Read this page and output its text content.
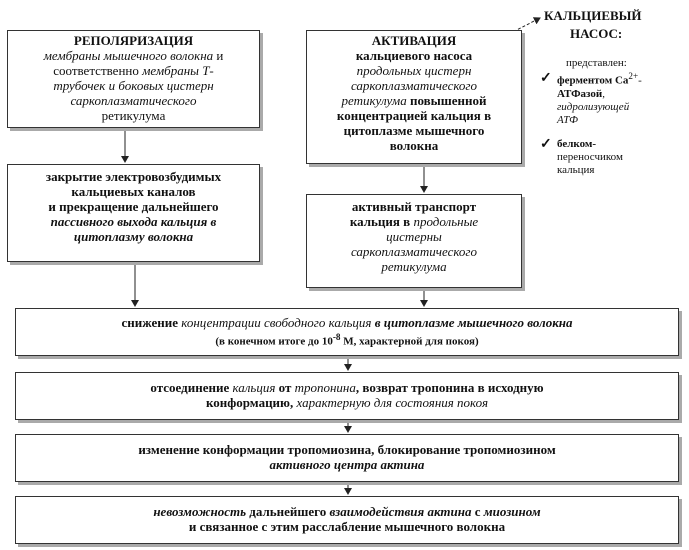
РЕПОЛЯРИЗАЦИЯ
мембраны мышечного волокна и
соответственно мембраны Т-
трубочек и боковых цистерн
саркоплазматического
ретикулума
АКТИВАЦИЯ
кальциевого насоса
продольных цистерн
саркоплазматического
ретикулума повышенной
концентрацией кальция в
цитоплазме мышечного
волокна
КАЛЬЦИЕВЫЙ
НАСОС:
представлен:
✓ ферментом $Ca^{2+}-$
АТФазой,
гидролизующей
АТФ
✓ белком-
переносчиком
кальция
закрытие электровозбудимых
кальциевых каналов
и прекращение дальнейшего
пассивного выхода кальция в
цитоплазму волокна
активный транспорт
кальция в продольные
цистерны
саркоплазматического
ретикулума
снижение концентрации свободного кальция в цитоплазме мышечного волокна
(в конечном итоге до $10^{-8}$ М, характерной для покоя)
отсоединение кальция от тропонина, возврат тропонина в исходную
конформацию, характерную для состояния покоя
изменение конформации тропомиозина, блокирование тропомиозином
активного центра актина
невозможность дальнейшего взаимодействия актина с миозином
и связанное с этим расслабление мышечного волокна
